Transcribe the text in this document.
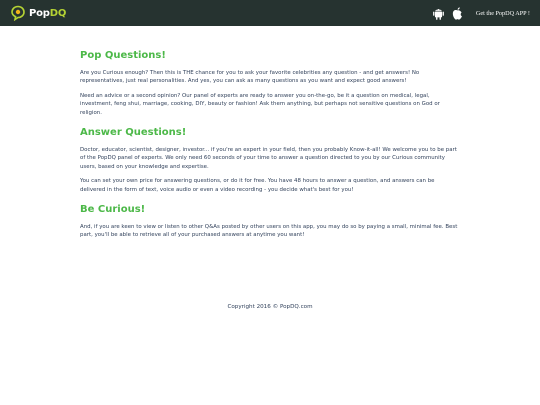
PopDQ	Get the PopDQ APP !
Pop Questions!

Are you Curious enough? Then this is THE chance for you to ask your favorite celebrities any question - and get answers! No representatives, just real personalities. And yes, you can ask as many questions as you want and expect good answers!

Need an advice or a second opinion? Our panel of experts are ready to answer you on-the-go, be it a question on medical, legal, investment, feng shui, marriage, cooking, DIY, beauty or fashion! Ask them anything, but perhaps not sensitive questions on God or religion.

Answer Questions!

Doctor, educator, scientist, designer, investor... if you're an expert in your field, then you probably Know-it-all! We welcome you to be part of the PopDQ panel of experts. We only need 60 seconds of your time to answer a question directed to you by our Curious community users, based on your knowledge and expertise.

You can set your own price for answering questions, or do it for free. You have 48 hours to answer a question, and answers can be delivered in the form of text, voice audio or even a video recording - you decide what's best for you!

Be Curious!

And, if you are keen to view or listen to other Q&As posted by other users on this app, you may do so by paying a small, minimal fee. Best part, you'll be able to retrieve all of your purchased answers at anytime you want!

Copyright 2016 © PopDQ.com
